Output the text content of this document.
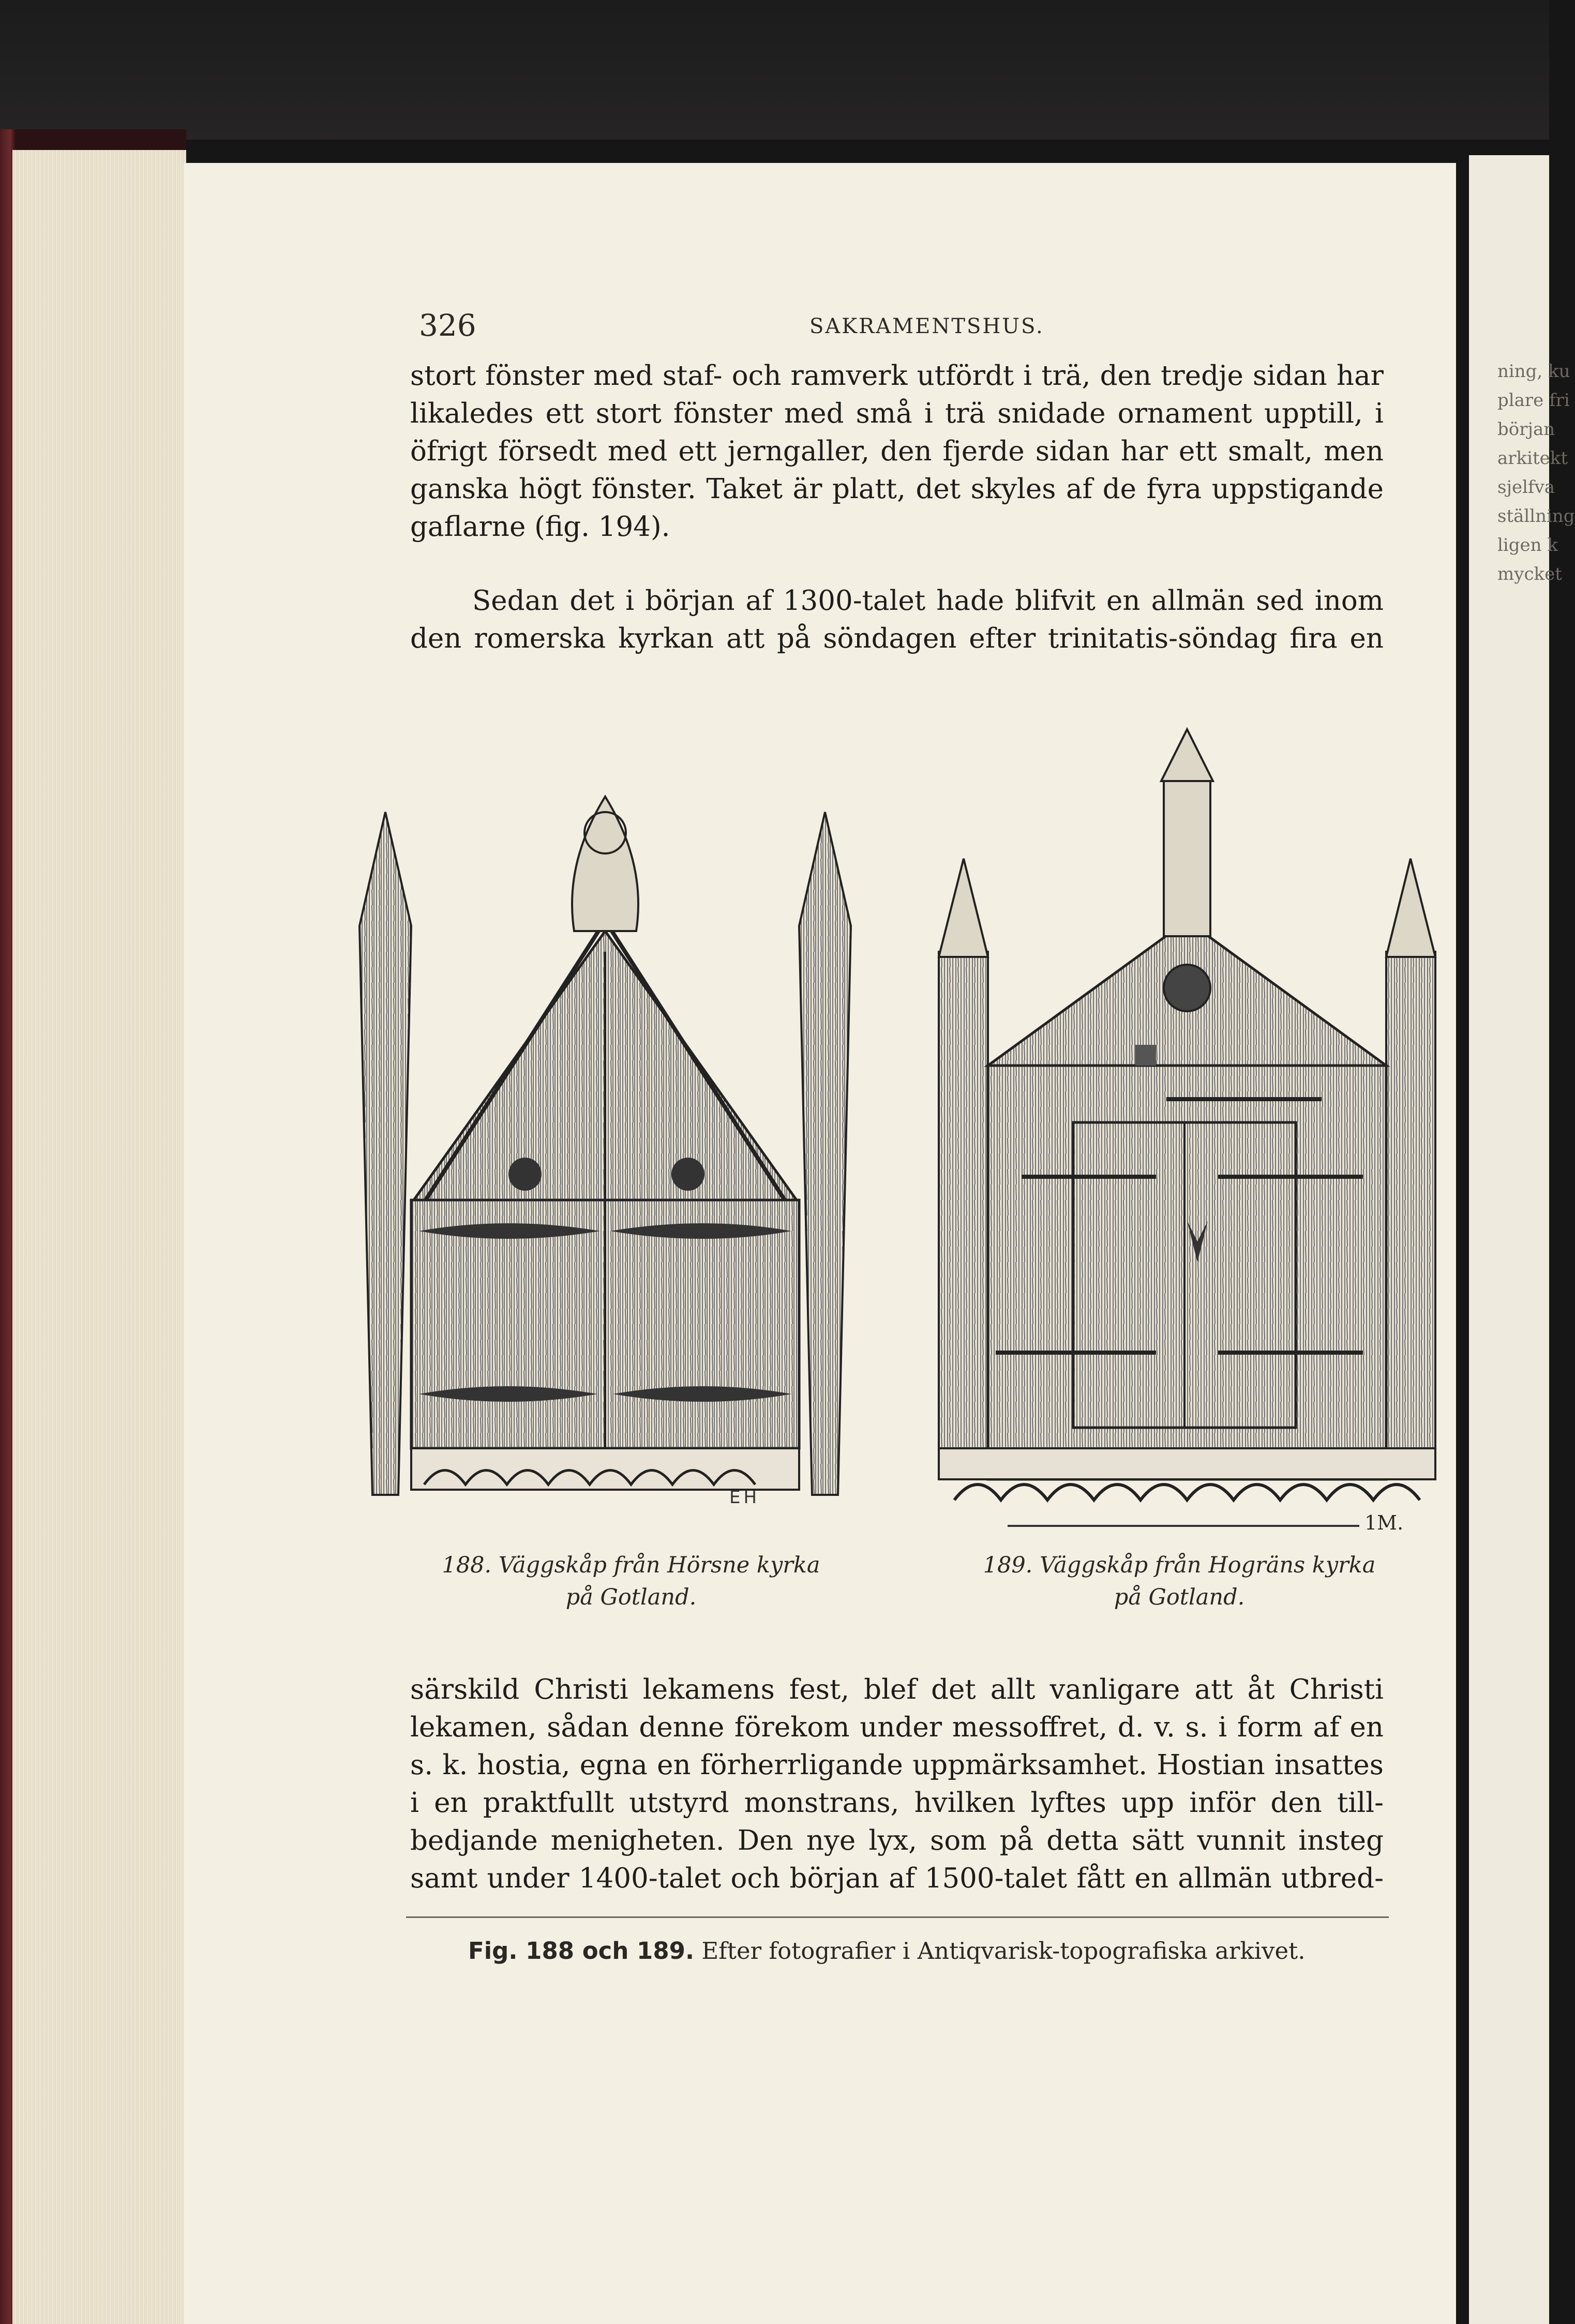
ning, ku
plare fri
början
arkitekt
sjelfva
ställning
ligen k
mycket
326	SAKRAMENTSHUS.
stort fönster med staf- och ramverk utfördt i trä, den tredje sidan har
likaledes ett stort fönster med små i trä snidade ornament upptill, i
öfrigt försedt med ett jerngaller, den fjerde sidan har ett smalt, men
ganska högt fönster. Taket är platt, det skyles af de fyra uppstigande
gaflarne (fig. 194).
Sedan det i början af 1300-talet hade blifvit en allmän sed inom
den romerska kyrkan att på söndagen efter trinitatis-söndag fira en
EH
1M.
188. Väggskåp från Hörsne kyrka
på Gotland.
189. Väggskåp från Hogräns kyrka
på Gotland.
särskild Christi lekamens fest, blef det allt vanligare att åt Christi
lekamen, sådan denne förekom under messoffret, d. v. s. i form af en
s. k. hostia, egna en förherrligande uppmärksamhet. Hostian insattes
i en praktfullt utstyrd monstrans, hvilken lyftes upp inför den till-
bedjande menigheten. Den nye lyx, som på detta sätt vunnit insteg
samt under 1400-talet och början af 1500-talet fått en allmän utbred-
Fig. 188 och 189. Efter fotografier i Antiqvarisk-topografiska arkivet.
